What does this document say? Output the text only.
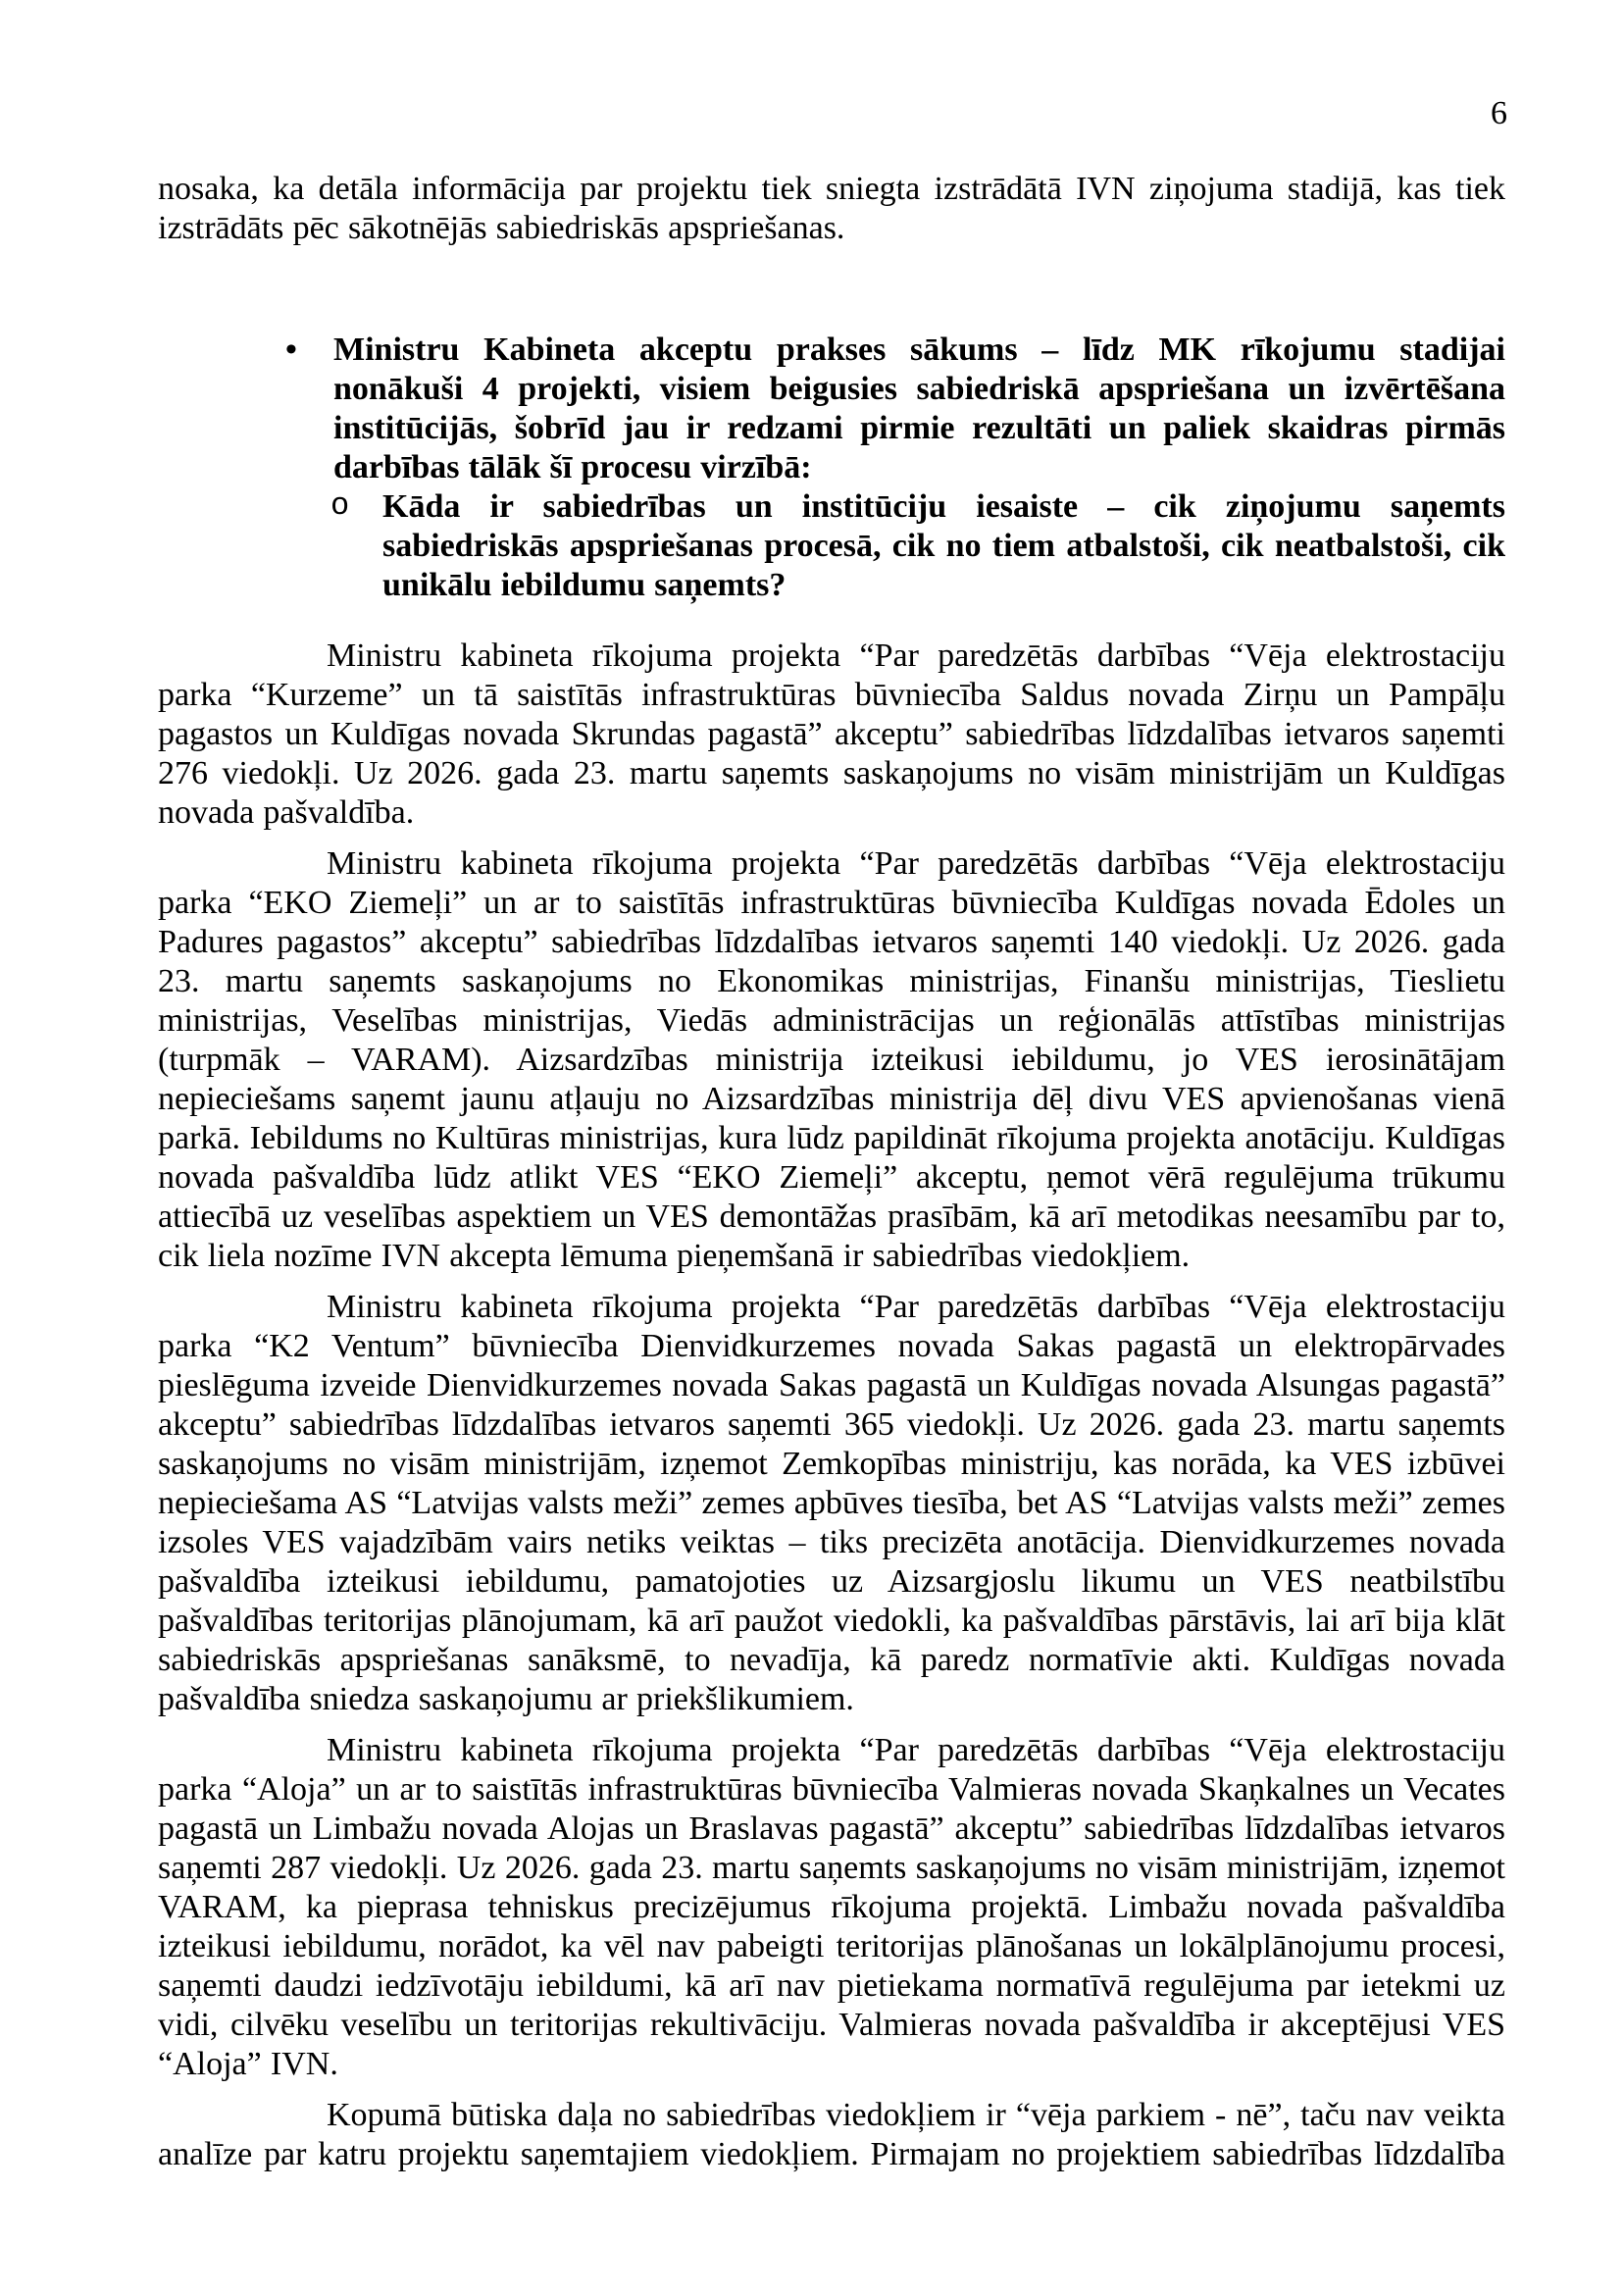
6

nosaka, ka detāla informācija par projektu tiek sniegta izstrādātā IVN ziņojuma stadijā, kas tiek izstrādāts pēc sākotnējās sabiedriskās apspriešanas.

• Ministru Kabineta akceptu prakses sākums – līdz MK rīkojumu stadijai nonākuši 4 projekti, visiem beigusies sabiedriskā apspriešana un izvērtēšana institūcijās, šobrīd jau ir redzami pirmie rezultāti un paliek skaidras pirmās darbības tālāk šī procesu virzībā:
o Kāda ir sabiedrības un institūciju iesaiste – cik ziņojumu saņemts sabiedriskās apspriešanas procesā, cik no tiem atbalstoši, cik neatbalstoši, cik unikālu iebildumu saņemts?

Ministru kabineta rīkojuma projekta “Par paredzētās darbības “Vēja elektrostaciju parka “Kurzeme” un tā saistītās infrastruktūras būvniecība Saldus novada Zirņu un Pampāļu pagastos un Kuldīgas novada Skrundas pagastā” akceptu” sabiedrības līdzdalības ietvaros saņemti 276 viedokļi. Uz 2026. gada 23. martu saņemts saskaņojums no visām ministrijām un Kuldīgas novada pašvaldība.

Ministru kabineta rīkojuma projekta “Par paredzētās darbības “Vēja elektrostaciju parka “EKO Ziemeļi” un ar to saistītās infrastruktūras būvniecība Kuldīgas novada Ēdoles un Padures pagastos” akceptu” sabiedrības līdzdalības ietvaros saņemti 140 viedokļi. Uz 2026. gada 23. martu saņemts saskaņojums no Ekonomikas ministrijas, Finanšu ministrijas, Tieslietu ministrijas, Veselības ministrijas, Viedās administrācijas un reģionālās attīstības ministrijas (turpmāk – VARAM). Aizsardzības ministrija izteikusi iebildumu, jo VES ierosinātājam nepieciešams saņemt jaunu atļauju no Aizsardzības ministrija dēļ divu VES apvienošanas vienā parkā. Iebildums no Kultūras ministrijas, kura lūdz papildināt rīkojuma projekta anotāciju. Kuldīgas novada pašvaldība lūdz atlikt VES “EKO Ziemeļi” akceptu, ņemot vērā regulējuma trūkumu attiecībā uz veselības aspektiem un VES demontāžas prasībām, kā arī metodikas neesamību par to, cik liela nozīme IVN akcepta lēmuma pieņemšanā ir sabiedrības viedokļiem.

Ministru kabineta rīkojuma projekta “Par paredzētās darbības “Vēja elektrostaciju parka “K2 Ventum” būvniecība Dienvidkurzemes novada Sakas pagastā un elektropārvades pieslēguma izveide Dienvidkurzemes novada Sakas pagastā un Kuldīgas novada Alsungas pagastā” akceptu” sabiedrības līdzdalības ietvaros saņemti 365 viedokļi. Uz 2026. gada 23. martu saņemts saskaņojums no visām ministrijām, izņemot Zemkopības ministriju, kas norāda, ka VES izbūvei nepieciešama AS “Latvijas valsts meži” zemes apbūves tiesība, bet AS “Latvijas valsts meži” zemes izsoles VES vajadzībām vairs netiks veiktas – tiks precizēta anotācija. Dienvidkurzemes novada pašvaldība izteikusi iebildumu, pamatojoties uz Aizsargjoslu likumu un VES neatbilstību pašvaldības teritorijas plānojumam, kā arī paužot viedokli, ka pašvaldības pārstāvis, lai arī bija klāt sabiedriskās apspriešanas sanāksmē, to nevadīja, kā paredz normatīvie akti. Kuldīgas novada pašvaldība sniedza saskaņojumu ar priekšlikumiem.

Ministru kabineta rīkojuma projekta “Par paredzētās darbības “Vēja elektrostaciju parka “Aloja” un ar to saistītās infrastruktūras būvniecība Valmieras novada Skaņkalnes un Vecates pagastā un Limbažu novada Alojas un Braslavas pagastā” akceptu” sabiedrības līdzdalības ietvaros saņemti 287 viedokļi. Uz 2026. gada 23. martu saņemts saskaņojums no visām ministrijām, izņemot VARAM, ka pieprasa tehniskus precizējumus rīkojuma projektā. Limbažu novada pašvaldība izteikusi iebildumu, norādot, ka vēl nav pabeigti teritorijas plānošanas un lokālplānojumu procesi, saņemti daudzi iedzīvotāju iebildumi, kā arī nav pietiekama normatīvā regulējuma par ietekmi uz vidi, cilvēku veselību un teritorijas rekultivāciju. Valmieras novada pašvaldība ir akceptējusi VES “Aloja” IVN.

Kopumā būtiska daļa no sabiedrības viedokļiem ir “vēja parkiem - nē”, taču nav veikta analīze par katru projektu saņemtajiem viedokļiem. Pirmajam no projektiem sabiedrības līdzdalība
